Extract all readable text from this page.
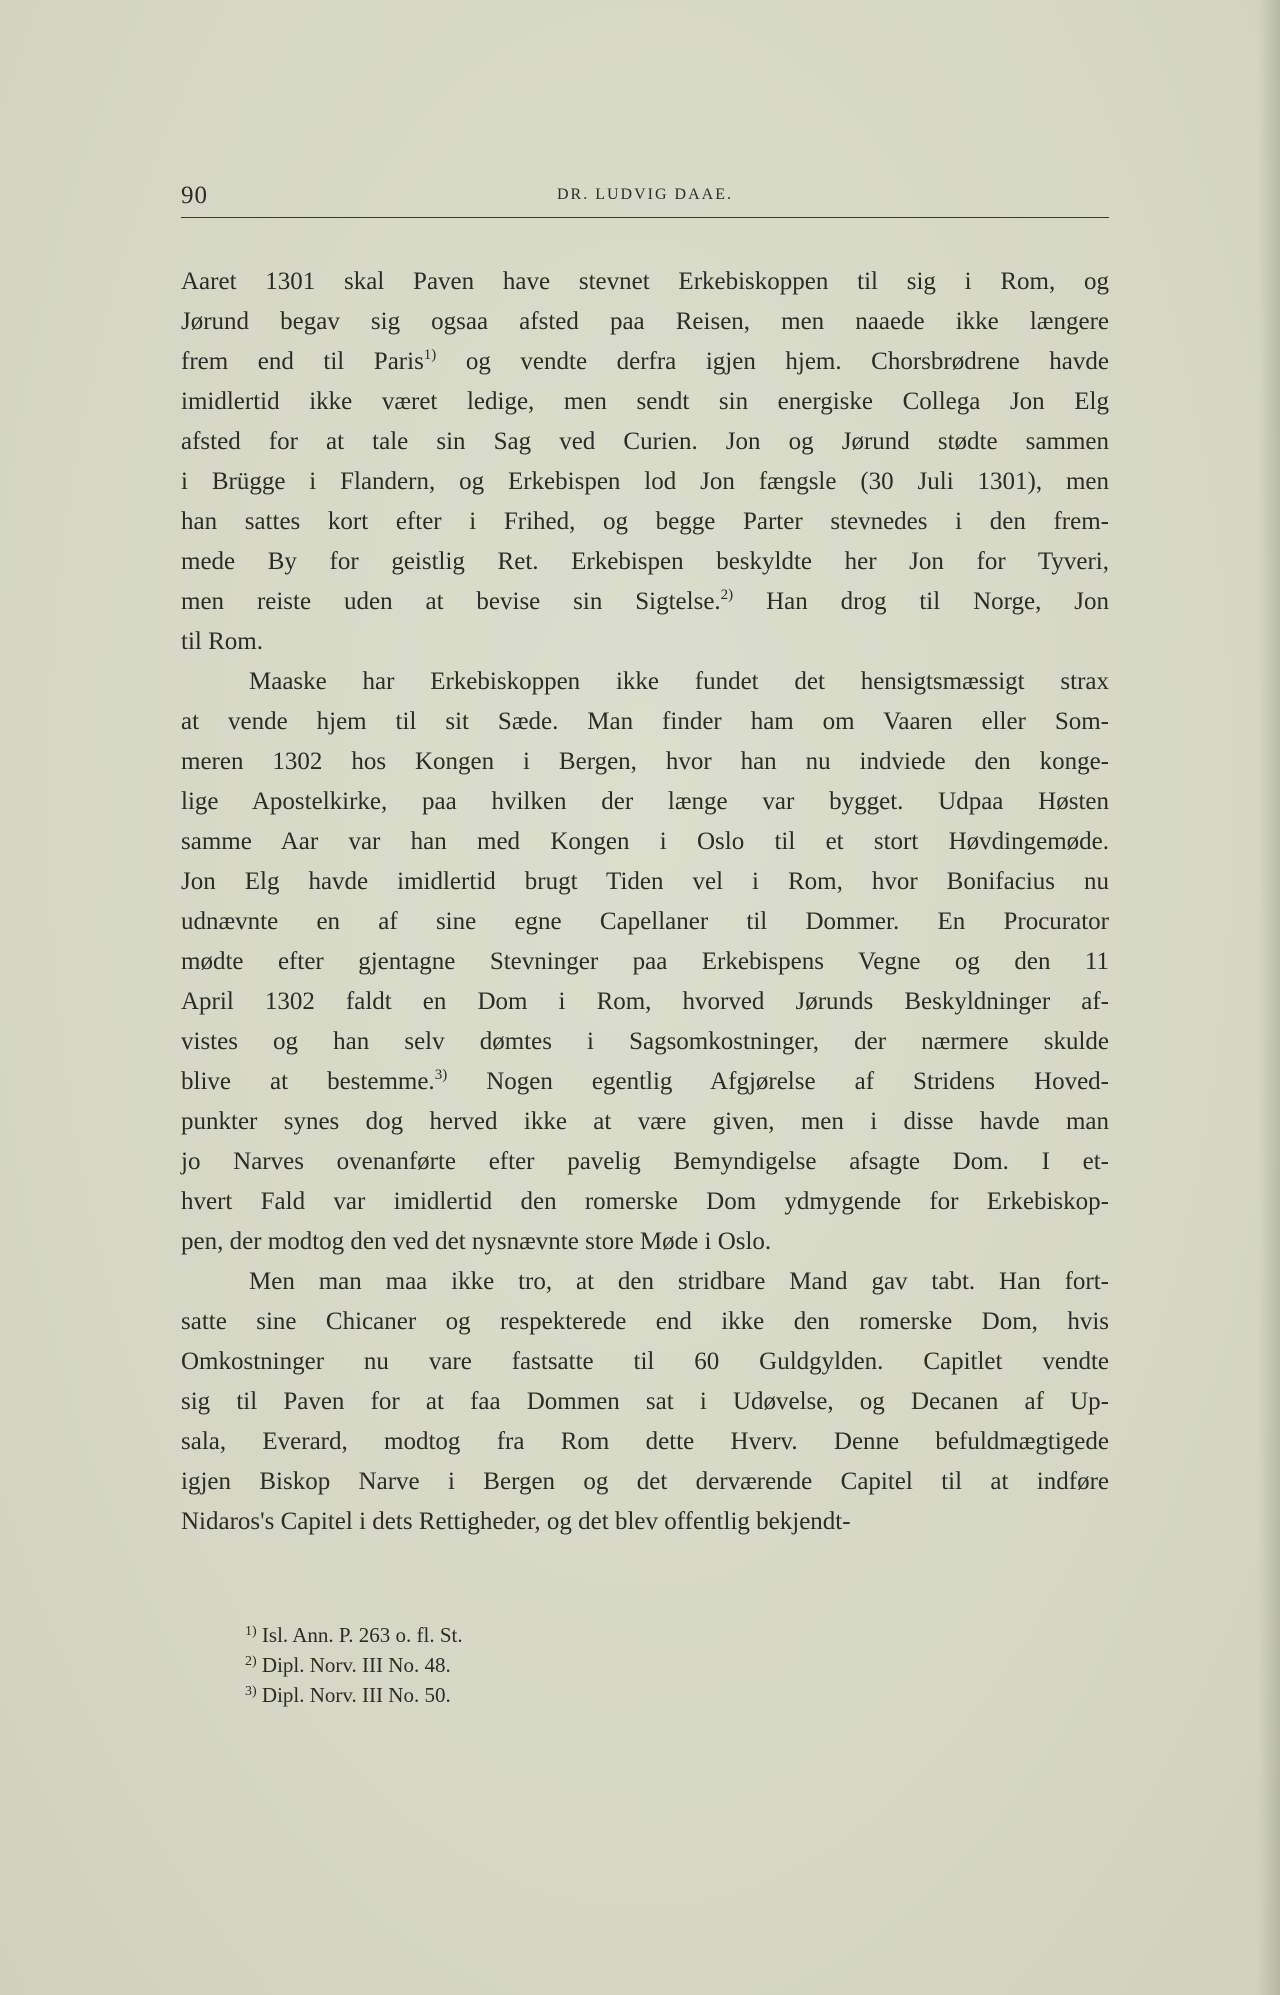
90	DR. LUDVIG DAAE.
Aaret 1301 skal Paven have stevnet Erkebiskoppen til sig i Rom, og
Jørund begav sig ogsaa afsted paa Reisen, men naaede ikke længere
frem end til Paris$^{1)}$ og vendte derfra igjen hjem. Chorsbrødrene havde
imidlertid ikke været ledige, men sendt sin energiske Collega Jon Elg
afsted for at tale sin Sag ved Curien. Jon og Jørund stødte sammen
i Brügge i Flandern, og Erkebispen lod Jon fængsle (30 Juli 1301), men
han sattes kort efter i Frihed, og begge Parter stevnedes i den frem-
mede By for geistlig Ret. Erkebispen beskyldte her Jon for Tyveri,
men reiste uden at bevise sin Sigtelse.$^{2)}$ Han drog til Norge, Jon
til Rom.
Maaske har Erkebiskoppen ikke fundet det hensigtsmæssigt strax
at vende hjem til sit Sæde. Man finder ham om Vaaren eller Som-
meren 1302 hos Kongen i Bergen, hvor han nu indviede den konge-
lige Apostelkirke, paa hvilken der længe var bygget. Udpaa Høsten
samme Aar var han med Kongen i Oslo til et stort Høvdingemøde.
Jon Elg havde imidlertid brugt Tiden vel i Rom, hvor Bonifacius nu
udnævnte en af sine egne Capellaner til Dommer. En Procurator
mødte efter gjentagne Stevninger paa Erkebispens Vegne og den 11
April 1302 faldt en Dom i Rom, hvorved Jørunds Beskyldninger af-
vistes og han selv dømtes i Sagsomkostninger, der nærmere skulde
blive at bestemme.$^{3)}$ Nogen egentlig Afgjørelse af Stridens Hoved-
punkter synes dog herved ikke at være given, men i disse havde man
jo Narves ovenanførte efter pavelig Bemyndigelse afsagte Dom. I et-
hvert Fald var imidlertid den romerske Dom ydmygende for Erkebiskop-
pen, der modtog den ved det nysnævnte store Møde i Oslo.
Men man maa ikke tro, at den stridbare Mand gav tabt. Han fort-
satte sine Chicaner og respekterede end ikke den romerske Dom, hvis
Omkostninger nu vare fastsatte til 60 Guldgylden. Capitlet vendte
sig til Paven for at faa Dommen sat i Udøvelse, og Decanen af Up-
sala, Everard, modtog fra Rom dette Hverv. Denne befuldmægtigede
igjen Biskop Narve i Bergen og det derværende Capitel til at indføre
Nidaros's Capitel i dets Rettigheder, og det blev offentlig bekjendt-
$^{1)}$ Isl. Ann. P. 263 o. fl. St.
$^{2)}$ Dipl. Norv. III No. 48.
$^{3)}$ Dipl. Norv. III No. 50.
